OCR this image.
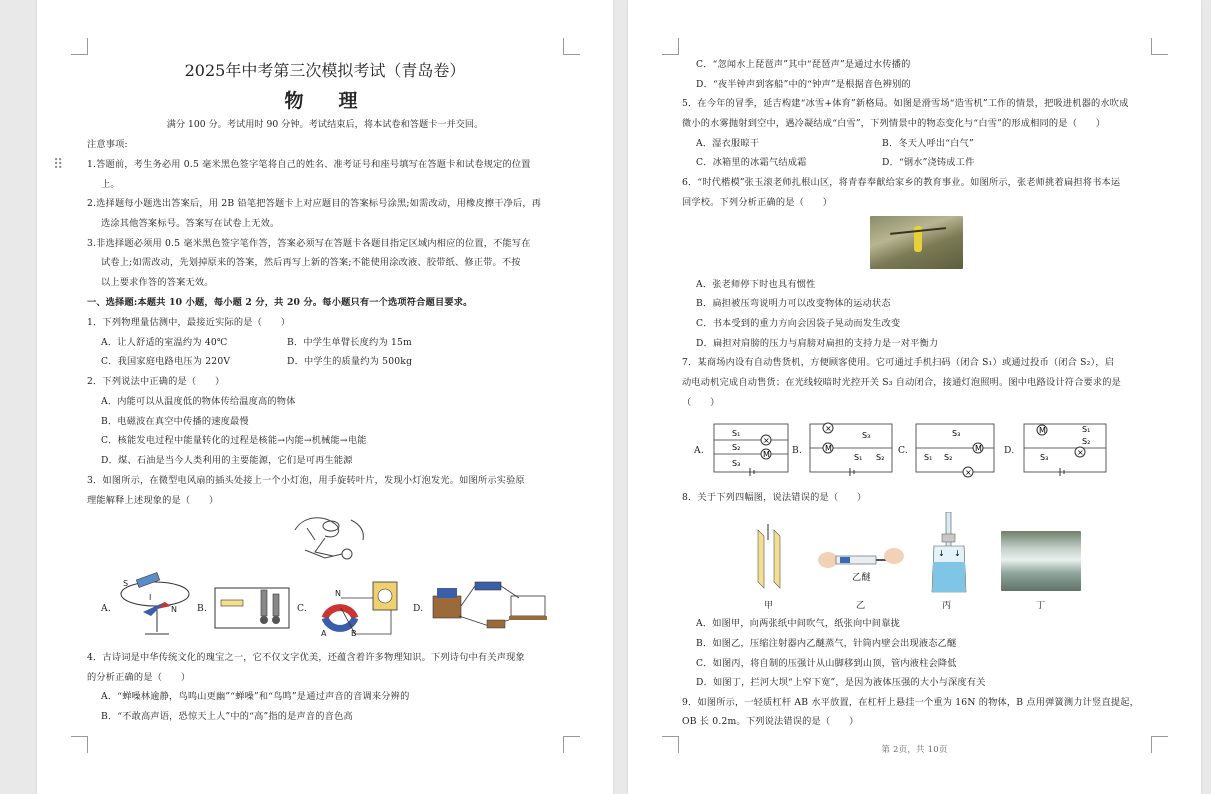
⠿
2025年中考第三次模拟考试（青岛卷）
物　理
满分 100 分。考试用时 90 分钟。考试结束后，将本试卷和答题卡一并交回。
注意事项:
1.答题前，考生务必用 0.5 毫米黑色签字笔将自己的姓名、准考证号和座号填写在答题卡和试卷规定的位置
上。
2.选择题每小题选出答案后，用 2B 铅笔把答题卡上对应题目的答案标号涂黑;如需改动，用橡皮擦干净后，再
选涂其他答案标号。答案写在试卷上无效。
3.非选择题必须用 0.5 毫米黑色签字笔作答，答案必须写在答题卡各题目指定区域内相应的位置，不能写在
试卷上;如需改动，先划掉原来的答案，然后再写上新的答案;不能使用涂改液、胶带纸、修正带。不按
以上要求作答的答案无效。
一、选择题:本题共 10 小题，每小题 2 分，共 20 分。每小题只有一个选项符合题目要求。
1．下列物理量估测中，最接近实际的是（　　）
A．让人舒适的室温约为 40℃	B．中学生单臂长度约为 15m
C．我国家庭电路电压为 220V	D．中学生的质量约为 500kg
2．下列说法中正确的是（　　）
A．内能可以从温度低的物体传给温度高的物体
B．电磁波在真空中传播的速度最慢
C．核能发电过程中能量转化的过程是核能→内能→机械能→电能
D．煤、石油是当今人类利用的主要能源，它们是可再生能源
3．如图所示，在微型电风扇的插头处接上一个小灯泡，用手旋转叶片，发现小灯泡发光。如图所示实验原
理能解释上述现象的是（　　）
A.
S
N
I
B.	C.
N
A	B
D.
4．古诗词是中华传统文化的瑰宝之一，它不仅文字优美，还蕴含着许多物理知识。下列诗句中有关声现象
的分析正确的是（　　）
A．“蝉噪林逾静，鸟鸣山更幽”“蝉噪”和“鸟鸣”是通过声音的音调来分辨的
B．“不敢高声语，恐惊天上人”中的“高”指的是声音的音色高
C．“忽闻水上琵琶声”其中“琵琶声”是通过水传播的
D．“夜半钟声到客船”中的“钟声”是根据音色辨别的
5．在今年的冒季，延吉构建“冰雪+体育”新格局。如图是滑雪场“造雪机”工作的情景，把吸进机器的水吹成
微小的水雾抛射到空中，遇冷凝结成“白雪”，下列情景中的物态变化与“白雪”的形成相同的是（　　）
A．湿衣服晾干	B．冬天人呼出“白气”
C．冰箱里的冰霜气结成霜	D．“钢水”浇铸成工件
6．“时代楷模”张玉滚老师扎根山区，将青春奉献给家乡的教育事业。如图所示，张老师挑着扁担将书本运
回学校。下列分析正确的是（　　）
A．张老师停下时也具有惯性
B．扁担被压弯说明力可以改变物体的运动状态
C．书本受到的重力方向会因袋子晃动而发生改变
D．扁担对肩膀的压力与肩膀对扁担的支持力是一对平衡力
7．某商场内设有自动售货机，方便顾客使用。它可通过手机扫码（闭合 S₁）或通过投币（闭合 S₂），启
动电动机完成自动售货；在光线较暗时光控开关 S₃ 自动闭合，接通灯泡照明。图中电路设计符合要求的是
（　　）
A.
×
M
S₁
S₂
S₃
B.
×
M
S₃
S₁ S₂
C.	M
×
S₃
S₁ S₂
D.
M
×
S₁
S₂
S₃
8．关于下列四幅图，说法错误的是（　　）
甲
乙醚
乙
↓ ↓
丙	丁
A．如图甲，向两张纸中间吹气，纸张向中间靠拢
B．如图乙，压缩注射器内乙醚蒸气，针筒内壁会出现液态乙醚
C．如图丙，将自制的压强计从山脚移到山顶，管内液柱会降低
D．如图丁，拦河大坝“上窄下宽”，是因为液体压强的大小与深度有关
9．如图所示，一轻质杠杆 AB 水平放置，在杠杆上悬挂一个重为 16N 的物体，B 点用弹簧测力计竖直提起，
OB 长 0.2m。下列说法错误的是（　　）
第 2页，共 10页
